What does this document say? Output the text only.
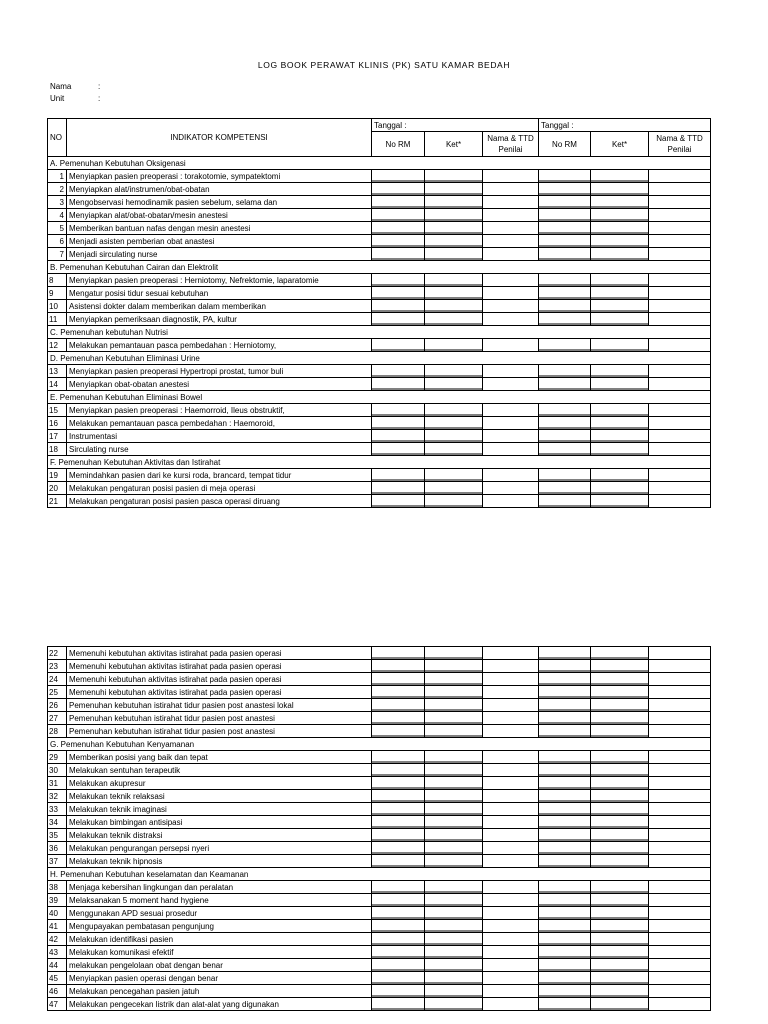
LOG BOOK PERAWAT KLINIS (PK) SATU KAMAR BEDAH
Nama	:
Unit	:
NO	INDIKATOR KOMPETENSI	Tanggal :			Tanggal :		
		No RM	Ket*	Nama & TTD Penilai	No RM	Ket*	Nama & TTD Penilai
A. Pemenuhan Kebutuhan Oksigenasi							
1	Menyiapkan pasien preoperasi : torakotomie, sympatektomi						
2	Menyiapkan alat/instrumen/obat-obatan						
3	Mengobservasi hemodinamik pasien sebelum, selama dan						
4	Menyiapkan alat/obat-obatan/mesin anestesi						
5	Memberikan bantuan nafas dengan mesin anestesi						
6	Menjadi asisten pemberian obat anastesi						
7	Menjadi sirculating nurse						
B. Pemenuhan Kebutuhan Cairan dan Elektrolit							
8	Menyiapkan pasien preoperasi : Herniotomy, Nefrektomie, laparatomie						
9	Mengatur posisi tidur sesuai kebutuhan						
10	Asistensi dokter dalam memberikan dalam memberikan						
11	Menyiapkan pemeriksaan diagnostik, PA, kultur						
C. Pemenuhan kebutuhan Nutrisi							
12	Melakukan pemantauan pasca pembedahan : Herniotomy,						
D. Pemenuhan Kebutuhan Eliminasi Urine							
13	Menyiapkan pasien preoperasi Hypertropi prostat, tumor buli						
14	Menyiapkan obat-obatan anestesi						
E. Pemenuhan Kebutuhan Eliminasi Bowel							
15	Menyiapkan pasien preoperasi : Haemorroid, Ileus obstruktif,						
16	Melakukan pemantauan pasca pembedahan : Haemoroid,						
17	Instrumentasi						
18	Sirculating nurse						
F. Pemenuhan Kebutuhan Aktivitas dan Istirahat							
19	Memindahkan pasien dari ke kursi roda, brancard, tempat tidur						
20	Melakukan pengaturan posisi pasien di meja operasi						
21	Melakukan pengaturan posisi pasien pasca operasi diruang						
22	Memenuhi kebutuhan aktivitas istirahat pada pasien operasi						
23	Memenuhi kebutuhan aktivitas istirahat pada pasien operasi						
24	Memenuhi kebutuhan aktivitas istirahat pada pasien operasi						
25	Memenuhi kebutuhan aktivitas istirahat pada pasien operasi						
26	Pemenuhan kebutuhan istirahat tidur pasien post anastesi lokal						
27	Pemenuhan kebutuhan istirahat tidur pasien post anastesi						
28	Pemenuhan kebutuhan istirahat tidur pasien post anastesi						
G. Pemenuhan Kebutuhan Kenyamanan							
29	Memberikan posisi yang baik dan tepat						
30	Melakukan sentuhan terapeutik						
31	Melakukan akupresur						
32	Melakukan teknik relaksasi						
33	Melakukan teknik imaginasi						
34	Melakukan bimbingan antisipasi						
35	Melakukan teknik distraksi						
36	Melakukan pengurangan persepsi nyeri						
37	Melakukan teknik hipnosis						
H. Pemenuhan Kebutuhan keselamatan dan Keamanan							
38	Menjaga kebersihan lingkungan dan peralatan						
39	Melaksanakan 5 moment hand hygiene						
40	Menggunakan APD sesuai prosedur						
41	Mengupayakan pembatasan pengunjung						
42	Melakukan identifikasi pasien						
43	Melakukan komunikasi efektif						
44	melakukan pengelolaan obat dengan benar						
45	Menyiapkan pasien operasi dengan benar						
46	Melakukan pencegahan pasien jatuh						
47	Melakukan pengecekan listrik dan alat-alat yang digunakan						
